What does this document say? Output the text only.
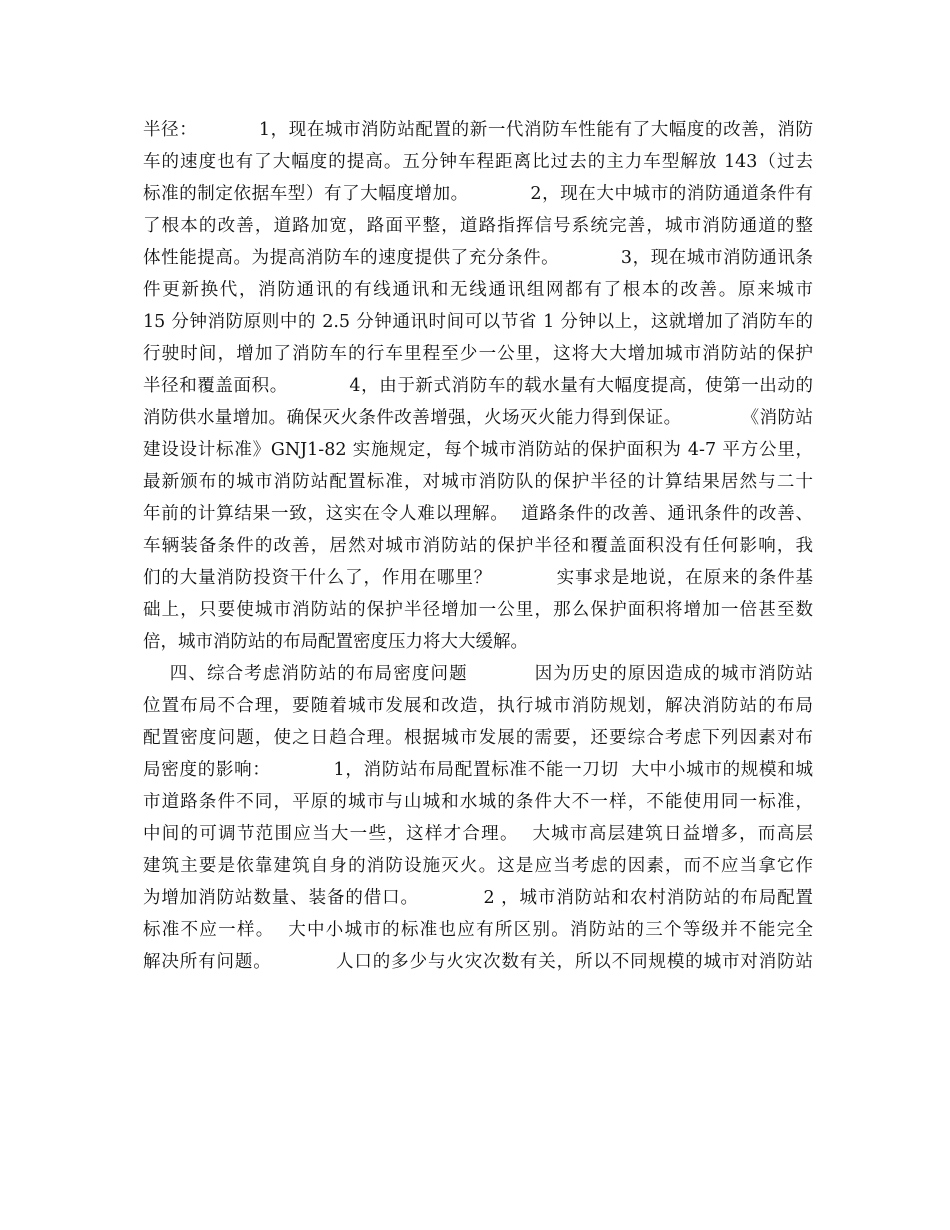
半径：          1，现在城市消防站配置的新一代消防车性能有了大幅度的改善，消防
车的速度也有了大幅度的提高。五分钟车程距离比过去的主力车型解放 143（过去
标准的制定依据车型）有了大幅度增加。          2，现在大中城市的消防通道条件有
了根本的改善，道路加宽，路面平整，道路指挥信号系统完善，城市消防通道的整
体性能提高。为提高消防车的速度提供了充分条件。          3，现在城市消防通讯条
件更新换代，消防通讯的有线通讯和无线通讯组网都有了根本的改善。原来城市
15 分钟消防原则中的 2.5 分钟通讯时间可以节省 1 分钟以上，这就增加了消防车的
行驶时间，增加了消防车的行车里程至少一公里，这将大大增加城市消防站的保护
半径和覆盖面积。          4，由于新式消防车的载水量有大幅度提高，使第一出动的
消防供水量增加。确保灭火条件改善增强，火场灭火能力得到保证。          《消防站
建设设计标准》GNJ1-82 实施规定，每个城市消防站的保护面积为 4-7 平方公里，
最新颁布的城市消防站配置标准，对城市消防队的保护半径的计算结果居然与二十
年前的计算结果一致，这实在令人难以理解。  道路条件的改善、通讯条件的改善、
车辆装备条件的改善，居然对城市消防站的保护半径和覆盖面积没有任何影响，我
们的大量消防投资干什么了，作用在哪里？          实事求是地说，在原来的条件基
础上，只要使城市消防站的保护半径增加一公里，那么保护面积将增加一倍甚至数
倍，城市消防站的布局配置密度压力将大大缓解。
四、综合考虑消防站的布局密度问题          因为历史的原因造成的城市消防站
位置布局不合理，要随着城市发展和改造，执行城市消防规划，解决消防站的布局
配置密度问题，使之日趋合理。根据城市发展的需要，还要综合考虑下列因素对布
局密度的影响：          1，消防站布局配置标准不能一刀切  大中小城市的规模和城
市道路条件不同，平原的城市与山城和水城的条件大不一样，不能使用同一标准，
中间的可调节范围应当大一些，这样才合理。  大城市高层建筑日益增多，而高层
建筑主要是依靠建筑自身的消防设施灭火。这是应当考虑的因素，而不应当拿它作
为增加消防站数量、装备的借口。          2 ，城市消防站和农村消防站的布局配置
标准不应一样。  大中小城市的标准也应有所区别。消防站的三个等级并不能完全
解决所有问题。          人口的多少与火灾次数有关，所以不同规模的城市对消防站
